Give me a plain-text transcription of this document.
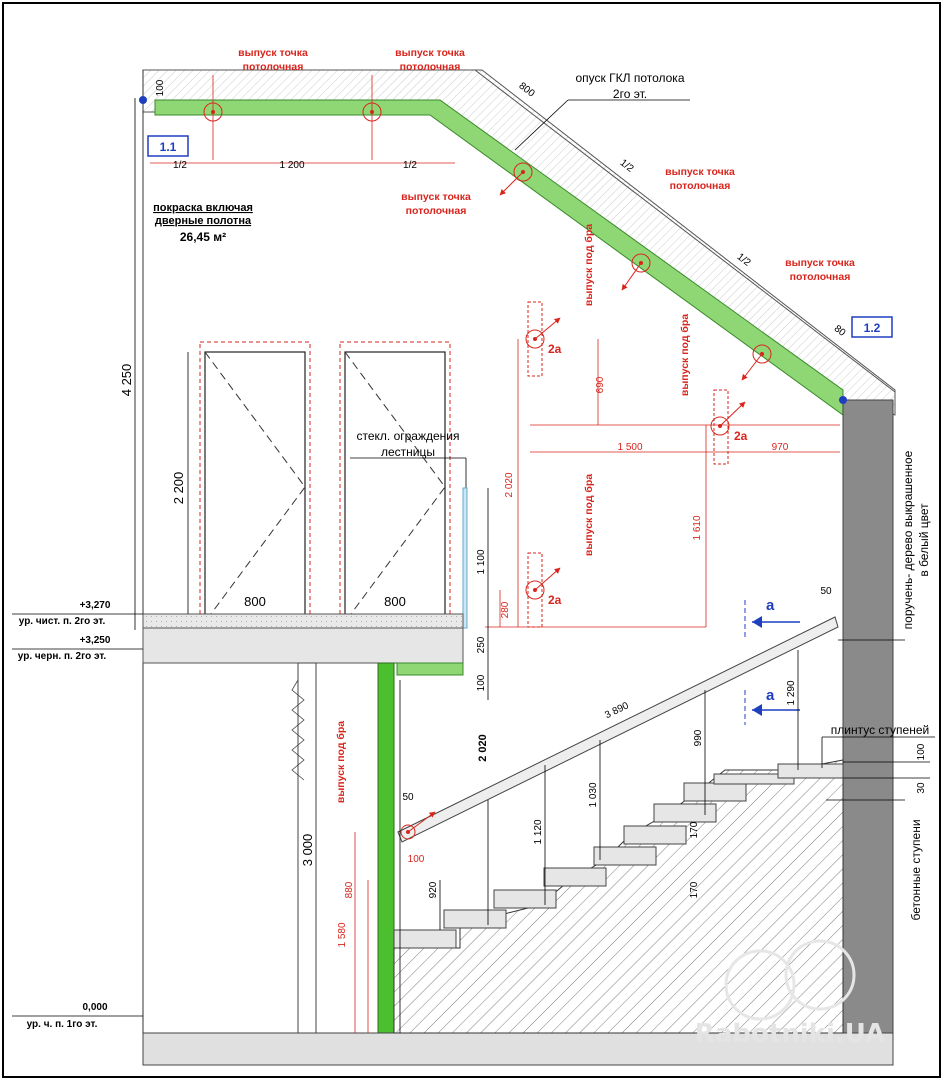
1.1
1.2
100
4 250
выпуск точка
потолочная
выпуск точка
потолочная
выпуск точка
потолочная
выпуск точка
потолочная
выпуск точка
потолочная
1/2	1 200	1/2
800
1/2
1/2
80
опуск ГКЛ потолока
2го эт.
покраска включая
дверные полотна
26,45 м²
2 200
800	800
стекл. ограждения
лестницы
+3,270
ур. чист. п. 2го эт.
+3,250
ур. черн. п. 2го эт.
0,000
ур. ч. п. 1го эт.
3 000
3 890
а
а
2а
2а
2а
выпуск под бра
выпуск под бра
выпуск под бра
выпуск под бра
2 020
690
1 500	970
1 610
280
880
1 580
100
1 100
250
100
2 020
1 120
1 030
990
1 290
920
50
50
170
170
100
30
поручень- дерево выкрашенное в белый цвет
плинтус ступеней
бетонные ступени
Rabotniki.UA
